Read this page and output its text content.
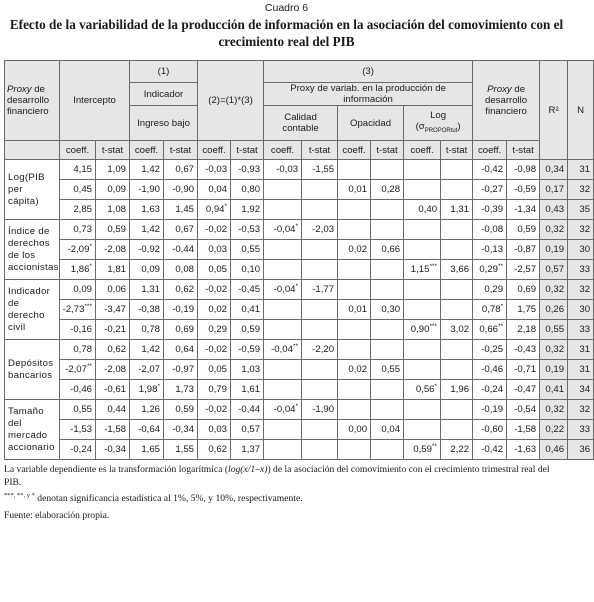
Cuadro 6
Efecto de la variabilidad de la producción de información en la asociación del comovimiento con el crecimiento real del PIB
Proxy de desarrollo financiero	Intercepto		(1)		(2)=(1)*(3)		(3)						Proxy de desarrollo financiero		R²	N
			Indicador				Proxy de variab. en la producción de información									
			Ingreso bajo				Calidad contable		Opacidad		Log
$(\sigma_{PROPORtut})$					
	coeff.	t-stat	coeff.	t-stat	coeff.	t-stat	coeff.	t-stat	coeff.	t-stat	coeff.	t-stat	coeff.	t-stat		
Log(PIB per cápita)	4,15	1,09	1,42	0,67	-0,03	-0,93	-0,03	-1,55					-0,42	-0,98	0,34	31
	0,45	0,09	-1,90	-0,90	0,04	0,80			0,01	0,28			-0,27	-0,59	0,17	32
	2,85	1,08	1,63	1,45	0,94*	1,92					0,40	1,31	-0,39	-1,34	0,43	35
Índice de derechos de los accionistas	0,73	0,59	1,42	0,67	-0,02	-0,53	-0,04*	-2,03					-0,08	0,59	0,32	32
	-2,09*	-2,08	-0,92	-0,44	0,03	0,55			0,02	0,66			-0,13	-0,87	0,19	30
	1,86*	1,81	0,09	0,08	0,05	0,10					1,15***	3,66	0,29**	-2,57	0,57	33
Indicador de derecho civil	0,09	0,06	1,31	0,62	-0,02	-0,45	-0,04*	-1,77					0,29	0,69	0,32	32
	-2,73***	-3,47	-0,38	-0,19	0,02	0,41			0,01	0,30			0,78*	1,75	0,26	30
	-0,16	-0,21	0,78	0,69	0,29	0,59					0,90***	3,02	0,66**	2,18	0,55	33
Depósitos bancarios	0,78	0,62	1,42	0,64	-0,02	-0,59	-0,04**	-2,20					-0,25	-0,43	0,32	31
	-2,07**	-2,08	-2,07	-0,97	0,05	1,03			0,02	0,55			-0,46	-0,71	0,19	31
	-0,46	-0,61	1,98*	1,73	0,79	1,61					0,56*	1,96	-0,24	-0,47	0,41	34
Tamaño del mercado accionario	0,55	0,44	1,26	0,59	-0,02	-0,44	-0,04*	-1,90					-0,19	-0,54	0,32	32
	-1,53	-1,58	-0,64	-0,34	0,03	0,57			0,00	0,04			-0,60	-1,58	0,22	33
	-0,24	-0,34	1,65	1,55	0,62	1,37					0,59**	2,22	-0,42	-1,63	0,46	36
La variable dependiente es la transformación logarítmica (log(x/1–x)) de la asociación del comovimiento con el crecimiento trimestral real del PIB.
$^{***, **, y *}$ denotan significancia estadística al 1%, 5%, y 10%, respectivamente.
Fuente: elaboración propia.
